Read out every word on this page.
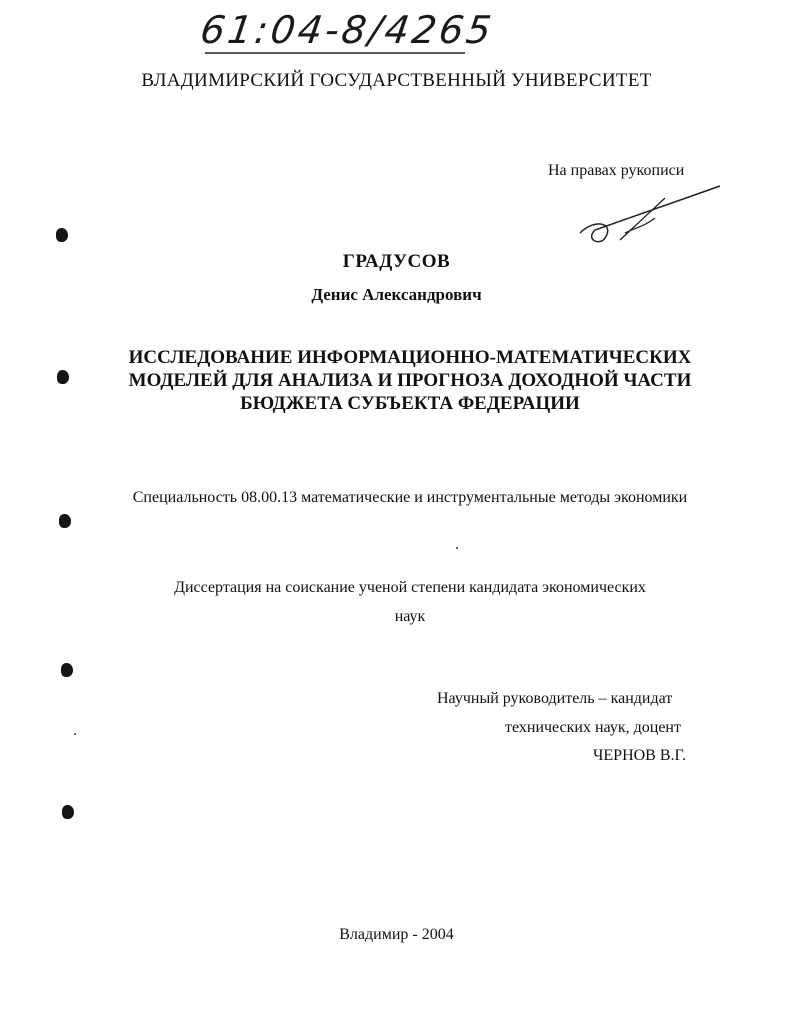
61:04-8/4265
ВЛАДИМИРСКИЙ ГОСУДАРСТВЕННЫЙ УНИВЕРСИТЕТ
На правах рукописи
ГРАДУСОВ
Денис Александрович
ИССЛЕДОВАНИЕ ИНФОРМАЦИОННО-МАТЕМАТИЧЕСКИХ МОДЕЛЕЙ ДЛЯ АНАЛИЗА И ПРОГНОЗА ДОХОДНОЙ ЧАСТИ БЮДЖЕТА СУБЪЕКТА ФЕДЕРАЦИИ
Специальность 08.00.13 математические и инструментальные методы экономики
Диссертация на соискание ученой степени кандидата экономических наук
Научный руководитель – кандидат
технических наук, доцент
ЧЕРНОВ В.Г.
Владимир - 2004
